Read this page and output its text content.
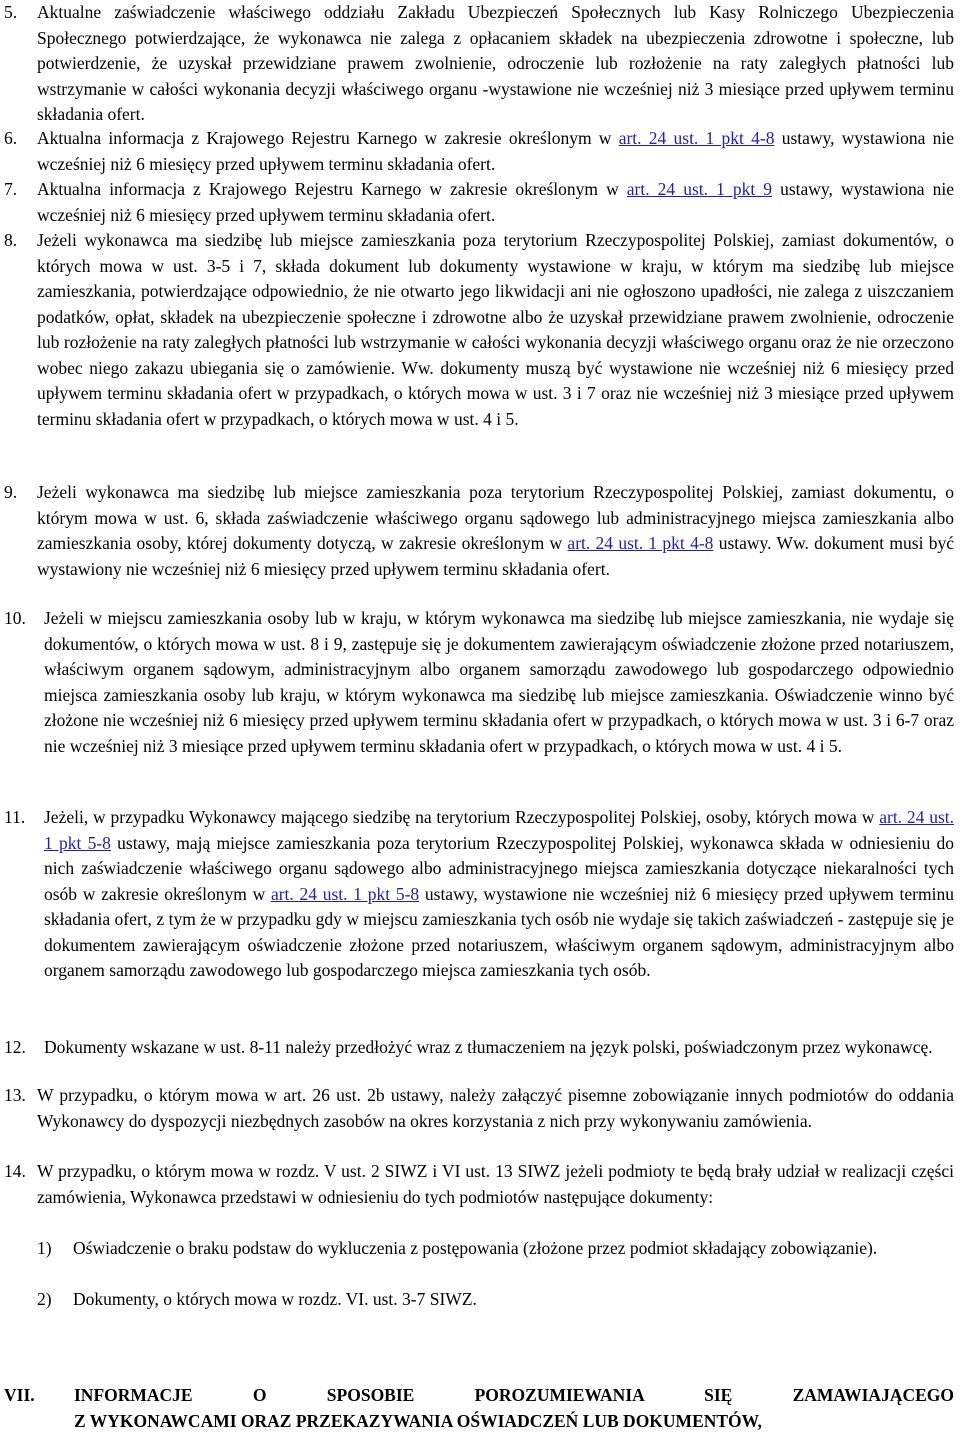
5. Aktualne zaświadczenie właściwego oddziału Zakładu Ubezpieczeń Społecznych lub Kasy Rolniczego Ubezpieczenia Społecznego potwierdzające, że wykonawca nie zalega z opłacaniem składek na ubezpieczenia zdrowotne i społeczne, lub potwierdzenie, że uzyskał przewidziane prawem zwolnienie, odroczenie lub rozłożenie na raty zaległych płatności lub wstrzymanie w całości wykonania decyzji właściwego organu -wystawione nie wcześniej niż 3 miesiące przed upływem terminu składania ofert.
6. Aktualna informacja z Krajowego Rejestru Karnego w zakresie określonym w art. 24 ust. 1 pkt 4-8 ustawy, wystawiona nie wcześniej niż 6 miesięcy przed upływem terminu składania ofert.
7. Aktualna informacja z Krajowego Rejestru Karnego w zakresie określonym w art. 24 ust. 1 pkt 9 ustawy, wystawiona nie wcześniej niż 6 miesięcy przed upływem terminu składania ofert.
8. Jeżeli wykonawca ma siedzibę lub miejsce zamieszkania poza terytorium Rzeczypospolitej Polskiej, zamiast dokumentów, o których mowa w ust. 3-5 i 7, składa dokument lub dokumenty wystawione w kraju, w którym ma siedzibę lub miejsce zamieszkania, potwierdzające odpowiednio, że nie otwarto jego likwidacji ani nie ogłoszono upadłości, nie zalega z uiszczaniem podatków, opłat, składek na ubezpieczenie społeczne i zdrowotne albo że uzyskał przewidziane prawem zwolnienie, odroczenie lub rozłożenie na raty zaległych płatności lub wstrzymanie w całości wykonania decyzji właściwego organu oraz że nie orzeczono wobec niego zakazu ubiegania się o zamówienie. Ww. dokumenty muszą być wystawione nie wcześniej niż 6 miesięcy przed upływem terminu składania ofert w przypadkach, o których mowa w ust. 3 i 7 oraz nie wcześniej niż 3 miesiące przed upływem terminu składania ofert w przypadkach, o których mowa w ust. 4 i 5.
9. Jeżeli wykonawca ma siedzibę lub miejsce zamieszkania poza terytorium Rzeczypospolitej Polskiej, zamiast dokumentu, o którym mowa w ust. 6, składa zaświadczenie właściwego organu sądowego lub administracyjnego miejsca zamieszkania albo zamieszkania osoby, której dokumenty dotyczą, w zakresie określonym w art. 24 ust. 1 pkt 4-8 ustawy. Ww. dokument musi być wystawiony nie wcześniej niż 6 miesięcy przed upływem terminu składania ofert.
10. Jeżeli w miejscu zamieszkania osoby lub w kraju, w którym wykonawca ma siedzibę lub miejsce zamieszkania, nie wydaje się dokumentów, o których mowa w ust. 8 i 9, zastępuje się je dokumentem zawierającym oświadczenie złożone przed notariuszem, właściwym organem sądowym, administracyjnym albo organem samorządu zawodowego lub gospodarczego odpowiednio miejsca zamieszkania osoby lub kraju, w którym wykonawca ma siedzibę lub miejsce zamieszkania. Oświadczenie winno być złożone nie wcześniej niż 6 miesięcy przed upływem terminu składania ofert w przypadkach, o których mowa w ust. 3 i 6-7 oraz nie wcześniej niż 3 miesiące przed upływem terminu składania ofert w przypadkach, o których mowa w ust. 4 i 5.
11. Jeżeli, w przypadku Wykonawcy mającego siedzibę na terytorium Rzeczypospolitej Polskiej, osoby, których mowa w art. 24 ust. 1 pkt 5-8 ustawy, mają miejsce zamieszkania poza terytorium Rzeczypospolitej Polskiej, wykonawca składa w odniesieniu do nich zaświadczenie właściwego organu sądowego albo administracyjnego miejsca zamieszkania dotyczące niekaralności tych osób w zakresie określonym w art. 24 ust. 1 pkt 5-8 ustawy, wystawione nie wcześniej niż 6 miesięcy przed upływem terminu składania ofert, z tym że w przypadku gdy w miejscu zamieszkania tych osób nie wydaje się takich zaświadczeń - zastępuje się je dokumentem zawierającym oświadczenie złożone przed notariuszem, właściwym organem sądowym, administracyjnym albo organem samorządu zawodowego lub gospodarczego miejsca zamieszkania tych osób.
12. Dokumenty wskazane w ust. 8-11 należy przedłożyć wraz z tłumaczeniem na język polski, poświadczonym przez wykonawcę.
13. W przypadku, o którym mowa w art. 26 ust. 2b ustawy, należy załączyć pisemne zobowiązanie innych podmiotów do oddania Wykonawcy do dyspozycji niezbędnych zasobów na okres korzystania z nich przy wykonywaniu zamówienia.
14. W przypadku, o którym mowa w rozdz. V ust. 2 SIWZ i VI ust. 13 SIWZ jeżeli podmioty te będą brały udział w realizacji części zamówienia, Wykonawca przedstawi w odniesieniu do tych podmiotów następujące dokumenty:
1) Oświadczenie o braku podstaw do wykluczenia z postępowania (złożone przez podmiot składający zobowiązanie).
2) Dokumenty, o których mowa w rozdz. VI. ust. 3-7 SIWZ.
VII. INFORMACJE O SPOSOBIE POROZUMIEWANIA SIĘ ZAMAWIAJĄCEGO
Z WYKONAWCAMI ORAZ PRZEKAZYWANIA OŚWIADCZEŃ LUB DOKUMENTÓW,
